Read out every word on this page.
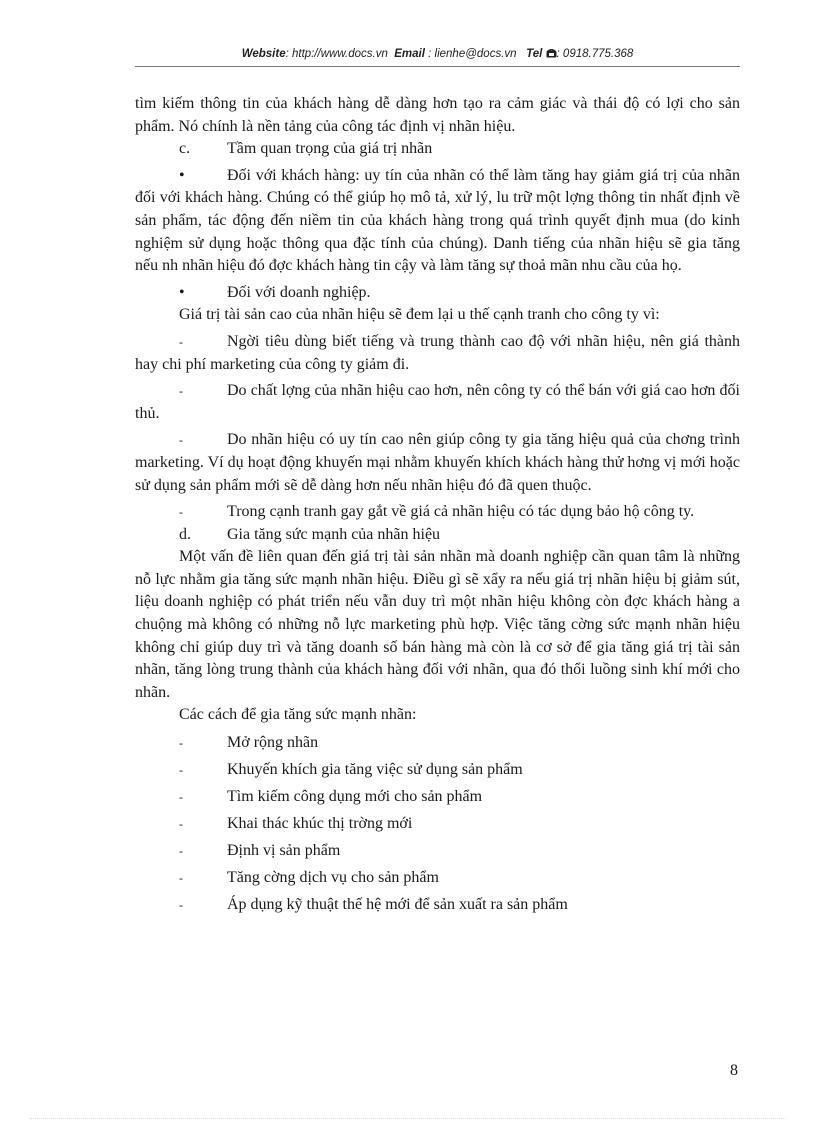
Website: http://www.docs.vn Email : lienhe@docs.vn Tel : 0918.775.368

tìm kiếm thông tin của khách hàng dễ dàng hơn tạo ra cảm giác và thái độ có lợi cho sản phẩm. Nó chính là nền tảng của công tác định vị nhãn hiệu.

c.	Tầm quan trọng của giá trị nhãn

•	Đối với khách hàng: uy tín của nhãn có thể làm tăng hay giảm giá trị của nhãn đối với khách hàng. Chúng có thể giúp họ mô tả, xử lý, lu trữ một lợng thông tin nhất định về sản phẩm, tác động đến niềm tin của khách hàng trong quá trình quyết định mua (do kinh nghiệm sử dụng hoặc thông qua đặc tính của chúng). Danh tiếng của nhãn hiệu sẽ gia tăng nếu nh nhãn hiệu đó đợc khách hàng tin cậy và làm tăng sự thoả mãn nhu cầu của họ.

•	Đối với doanh nghiệp.

Giá trị tài sản cao của nhãn hiệu sẽ đem lại u thế cạnh tranh cho công ty vì:

-	Ngời tiêu dùng biết tiếng và trung thành cao độ với nhãn hiệu, nên giá thành hay chi phí marketing của công ty giảm đi.

-	Do chất lợng của nhãn hiệu cao hơn, nên công ty có thể bán với giá cao hơn đối thủ.

-	Do nhãn hiệu có uy tín cao nên giúp công ty gia tăng hiệu quả của chơng trình marketing. Ví dụ hoạt động khuyến mại nhằm khuyến khích khách hàng thử hơng vị mới hoặc sử dụng sản phẩm mới sẽ dễ dàng hơn nếu nhãn hiệu đó đã quen thuộc.

-	Trong cạnh tranh gay gắt về giá cả nhãn hiệu có tác dụng bảo hộ công ty.

d.	Gia tăng sức mạnh của nhãn hiệu

Một vấn đề liên quan đến giá trị tài sản nhãn mà doanh nghiệp cần quan tâm là những nỗ lực nhằm gia tăng sức mạnh nhãn hiệu. Điều gì sẽ xẩy ra nếu giá trị nhãn hiệu bị giảm sút, liệu doanh nghiệp có phát triển nếu vẫn duy trì một nhãn hiệu không còn đợc khách hàng a chuộng mà không có những nỗ lực marketing phù hợp. Việc tăng cờng sức mạnh nhãn hiệu không chỉ giúp duy trì và tăng doanh số bán hàng mà còn là cơ sở để gia tăng giá trị tài sản nhãn, tăng lòng trung thành của khách hàng đối với nhãn, qua đó thổi luồng sinh khí mới cho nhãn.

Các cách để gia tăng sức mạnh nhãn:

-	Mở rộng nhãn
-	Khuyến khích gia tăng việc sử dụng sản phẩm
-	Tìm kiếm công dụng mới cho sản phẩm
-	Khai thác khúc thị trờng mới
-	Định vị sản phẩm
-	Tăng cờng dịch vụ cho sản phẩm
-	Áp dụng kỹ thuật thế hệ mới để sản xuất ra sản phẩm
8
